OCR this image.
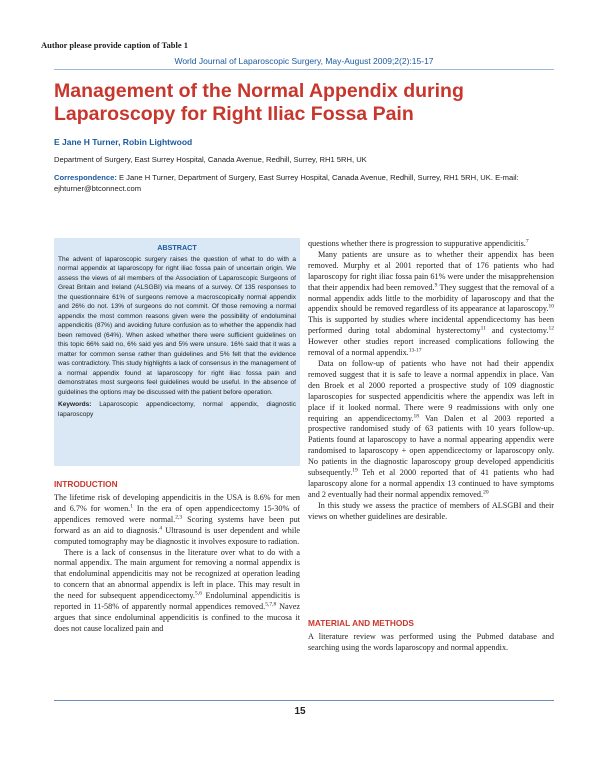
Author please provide caption of Table 1
World Journal of Laparoscopic Surgery, May-August 2009;2(2):15-17
Management of the Normal Appendix during Laparoscopy for Right Iliac Fossa Pain
E Jane H Turner, Robin Lightwood
Department of Surgery, East Surrey Hospital, Canada Avenue, Redhill, Surrey, RH1 5RH, UK
Correspondence: E Jane H Turner, Department of Surgery, East Surrey Hospital, Canada Avenue, Redhill, Surrey, RH1 5RH, UK. E-mail: ejhturner@btconnect.com
ABSTRACT

The advent of laparoscopic surgery raises the question of what to do with a normal appendix at laparoscopy for right iliac fossa pain of uncertain origin. We assess the views of all members of the Association of Laparoscopic Surgeons of Great Britain and Ireland (ALSGBI) via means of a survey. Of 135 responses to the questionnaire 61% of surgeons remove a macroscopically normal appendix and 26% do not. 13% of surgeons do not commit. Of those removing a normal appendix the most common reasons given were the possibility of endoluminal appendicitis (87%) and avoiding future confusion as to whether the appendix had been removed (64%). When asked whether there were sufficient guidelines on this topic 66% said no, 6% said yes and 5% were unsure. 16% said that it was a matter for common sense rather than guidelines and 5% felt that the evidence was contradictory. This study highlights a lack of consensus in the management of a normal appendix found at laparoscopy for right iliac fossa pain and demonstrates most surgeons feel guidelines would be useful. In the absence of guidelines the options may be discussed with the patient before operation.

Keywords: Laparoscopic appendicectomy, normal appendix, diagnostic laparoscopy

INTRODUCTION

The lifetime risk of developing appendicitis in the USA is 8.6% for men and 6.7% for women.$^1$ In the era of open appendicectomy 15-30% of appendices removed were normal.$^{2,3}$ Scoring systems have been put forward as an aid to diagnosis.$^4$ Ultrasound is user dependent and while computed tomography may be diagnostic it involves exposure to radiation.

There is a lack of consensus in the literature over what to do with a normal appendix. The main argument for removing a normal appendix is that endoluminal appendicitis may not be recognized at operation leading to concern that an abnormal appendix is left in place. This may result in the need for subsequent appendicectomy.$^{5,6}$ Endoluminal appendicitis is reported in 11-58% of apparently normal appendices removed.$^{5,7,8}$ Navez argues that since endoluminal appendicitis is confined to the mucosa it does not cause localized pain and

questions whether there is progression to suppurative appendicitis.$^7$

Many patients are unsure as to whether their appendix has been removed. Murphy et al 2001 reported that of 176 patients who had laparoscopy for right iliac fossa pain 61% were under the misapprehension that their appendix had been removed.$^9$ They suggest that the removal of a normal appendix adds little to the morbidity of laparoscopy and that the appendix should be removed regardless of its appearance at laparoscopy.$^{10}$ This is supported by studies where incidental appendicectomy has been performed during total abdominal hysterectomy$^{11}$ and cystectomy.$^{12}$ However other studies report increased complications following the removal of a normal appendix.$^{13-17}$

Data on follow-up of patients who have not had their appendix removed suggest that it is safe to leave a normal appendix in place. Van den Broek et al 2000 reported a prospective study of 109 diagnostic laparoscopies for suspected appendicitis where the appendix was left in place if it looked normal. There were 9 readmissions with only one requiring an appendicectomy.$^{18}$ Van Dalen et al 2003 reported a prospective randomised study of 63 patients with 10 years follow-up. Patients found at laparoscopy to have a normal appearing appendix were randomised to laparoscopy + open appendicectomy or laparoscopy only. No patients in the diagnostic laparoscopy group developed appendicitis subsequently.$^{19}$ Teh et al 2000 reported that of 41 patients who had laparoscopy alone for a normal appendix 13 continued to have symptoms and 2 eventually had their normal appendix removed.$^{20}$

In this study we assess the practice of members of ALSGBI and their views on whether guidelines are desirable.

MATERIAL AND METHODS

A literature review was performed using the Pubmed database and searching using the words laparoscopy and normal appendix.

15
